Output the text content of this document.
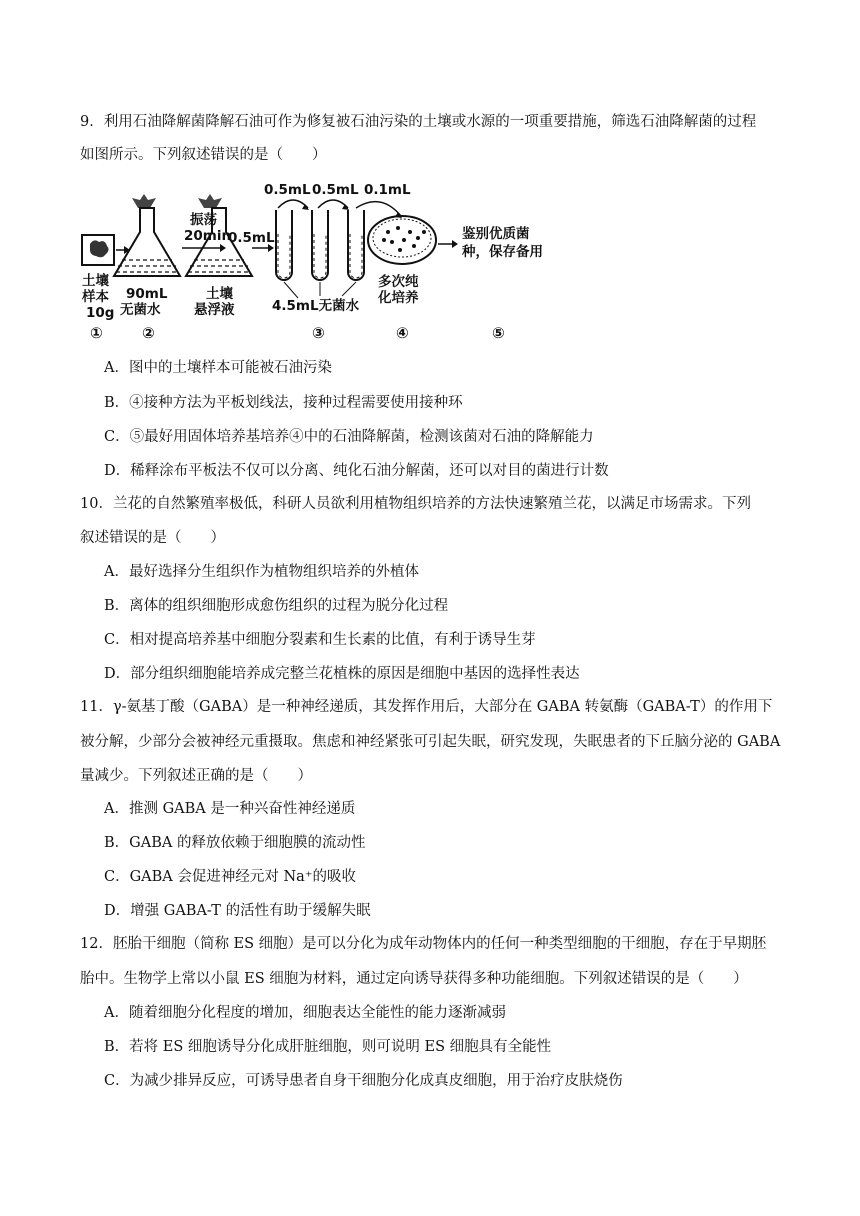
9．利用石油降解菌降解石油可作为修复被石油污染的土壤或水源的一项重要措施，筛选石油降解菌的过程
如图所示。下列叙述错误的是（　　）
土壤
样本
10g
①
90mL
无菌水
②
振荡
20min
土壤
悬浮液
0.5mL
0.5mL 0.5mL 0.1mL
4.5mL无菌水
③
多次纯
化培养
④
鉴别优质菌
种，保存备用
⑤
A．图中的土壤样本可能被石油污染
B．④接种方法为平板划线法，接种过程需要使用接种环
C．⑤最好用固体培养基培养④中的石油降解菌，检测该菌对石油的降解能力
D．稀释涂布平板法不仅可以分离、纯化石油分解菌，还可以对目的菌进行计数
10．兰花的自然繁殖率极低，科研人员欲利用植物组织培养的方法快速繁殖兰花，以满足市场需求。下列
叙述错误的是（　　）
A．最好选择分生组织作为植物组织培养的外植体
B．离体的组织细胞形成愈伤组织的过程为脱分化过程
C．相对提高培养基中细胞分裂素和生长素的比值，有利于诱导生芽
D．部分组织细胞能培养成完整兰花植株的原因是细胞中基因的选择性表达
11．γ-氨基丁酸（GABA）是一种神经递质，其发挥作用后，大部分在 GABA 转氨酶（GABA-T）的作用下
被分解，少部分会被神经元重摄取。焦虑和神经紧张可引起失眠，研究发现，失眠患者的下丘脑分泌的 GABA
量减少。下列叙述正确的是（　　）
A．推测 GABA 是一种兴奋性神经递质
B．GABA 的释放依赖于细胞膜的流动性
C．GABA 会促进神经元对 Na⁺的吸收
D．增强 GABA-T 的活性有助于缓解失眠
12．胚胎干细胞（简称 ES 细胞）是可以分化为成年动物体内的任何一种类型细胞的干细胞，存在于早期胚
胎中。生物学上常以小鼠 ES 细胞为材料，通过定向诱导获得多种功能细胞。下列叙述错误的是（　　）
A．随着细胞分化程度的增加，细胞表达全能性的能力逐渐减弱
B．若将 ES 细胞诱导分化成肝脏细胞，则可说明 ES 细胞具有全能性
C．为减少排异反应，可诱导患者自身干细胞分化成真皮细胞，用于治疗皮肤烧伤
